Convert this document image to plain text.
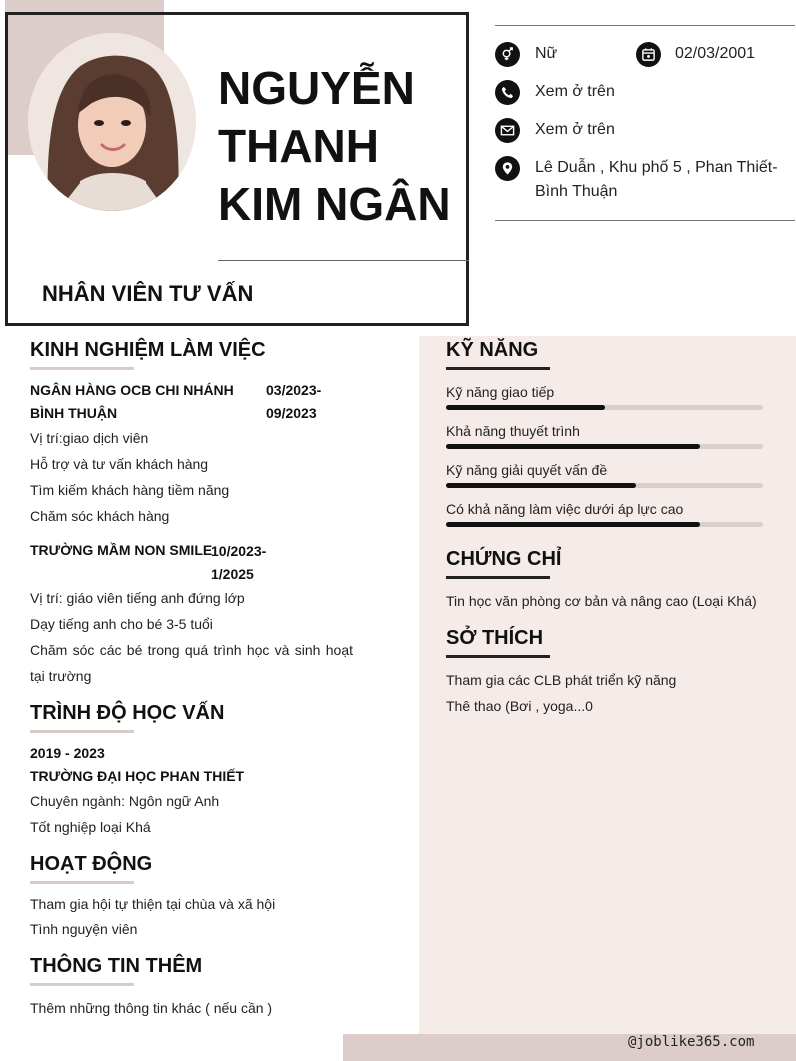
NGUYỄN
THANH
KIM NGÂN
NHÂN VIÊN TƯ VẤN
Nữ	02/03/2001
Xem ở trên
Xem ở trên
Lê Duẫn , Khu phố 5 , Phan Thiết-
Bình Thuận
KINH NGHIỆM LÀM VIỆC
NGÂN HÀNG OCB CHI NHÁNH
BÌNH THUẬN
03/2023-
09/2023
Vị trí:giao dịch viên
Hỗ trợ và tư vấn khách hàng
Tìm kiếm khách hàng tiềm năng
Chăm sóc khách hàng
TRƯỜNG MẦM NON SMILE
10/2023-
1/2025
Vị trí: giáo viên tiếng anh đứng lớp
Dạy tiếng anh cho bé 3-5 tuổi
Chăm sóc các bé trong quá trình học và sinh hoạt
tại trường
TRÌNH ĐỘ HỌC VẤN
2019 - 2023
TRƯỜNG ĐẠI HỌC PHAN THIẾT
Chuyên ngành: Ngôn ngữ Anh
Tốt nghiệp loại Khá
HOẠT ĐỘNG
Tham gia hội tự thiện tại chùa và xã hội
Tình nguyện viên
THÔNG TIN THÊM
Thêm những thông tin khác ( nếu cần )
KỸ NĂNG
Kỹ năng giao tiếp
Khả năng thuyết trình
Kỹ năng giải quyết vấn đề
Có khả năng làm việc dưới áp lực cao
CHỨNG CHỈ
Tin học văn phòng cơ bản và nâng cao (Loại Khá)
SỞ THÍCH
Tham gia các CLB phát triển kỹ năng
Thê thao (Bơi , yoga...0
@joblike365.com
